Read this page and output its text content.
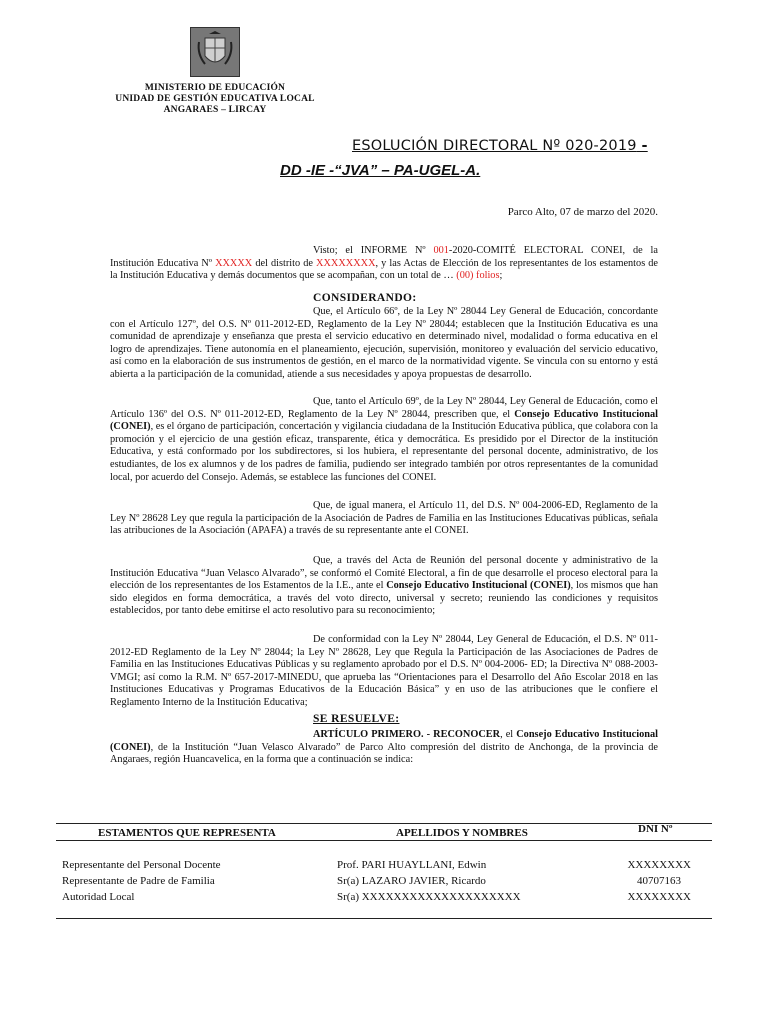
MINISTERIO DE EDUCACIÓN
UNIDAD DE GESTIÓN EDUCATIVA LOCAL
ANGARAES – LIRCAY
ESOLUCIÓN DIRECTORAL Nº 020-2019 -
DD -IE -“JVA” – PA-UGEL-A.
Parco Alto, 07 de marzo del 2020.
Visto; el INFORME Nº 001-2020-COMITÉ ELECTORAL CONEI, de la Institución Educativa Nº XXXXX del distrito de XXXXXXXX, y las Actas de Elección de los representantes de los estamentos de la Institución Educativa y demás documentos que se acompañan, con un total de … (00) folios;
CONSIDERANDO:
Que, el Artículo 66º, de la Ley Nº 28044 Ley General de Educación, concordante con el Artículo 127º, del O.S. Nº 011-2012-ED, Reglamento de la Ley Nº 28044; establecen que la Institución Educativa es una comunidad de aprendizaje y enseñanza que presta el servicio educativo en determinado nivel, modalidad o forma educativa en el logro de aprendizajes. Tiene autonomía en el planeamiento, ejecución, supervisión, monitoreo y evaluación del servicio educativo, así como en la elaboración de sus instrumentos de gestión, en el marco de la normatividad vigente. Se vincula con su entorno y está abierta a la participación de la comunidad, atiende a sus necesidades y apoya propuestas de desarrollo.
Que, tanto el Artículo 69º, de la Ley Nº 28044, Ley General de Educación, como el Artículo 136º del O.S. Nº 011-2012-ED, Reglamento de la Ley Nº 28044, prescriben que, el Consejo Educativo Institucional (CONEI), es el órgano de participación, concertación y vigilancia ciudadana de la Institución Educativa pública, que colabora con la promoción y el ejercicio de una gestión eficaz, transparente, ética y democrática. Es presidido por el Director de la institución Educativa, y está conformado por los subdirectores, si los hubiera, el representante del personal docente, administrativo, de los estudiantes, de los ex alumnos y de los padres de familia, pudiendo ser integrado también por otros representantes de la comunidad local, por acuerdo del Consejo. Además, se establece las funciones del CONEI.
Que, de igual manera, el Artículo 11, del D.S. Nº 004-2006-ED, Reglamento de la Ley Nº 28628 Ley que regula la participación de la Asociación de Padres de Familia en las Instituciones Educativas públicas, señala las atribuciones de la Asociación (APAFA) a través de su representante ante el CONEI.
Que, a través del Acta de Reunión del personal docente y administrativo de la Institución Educativa “Juan Velasco Alvarado”, se conformó el Comité Electoral, a fin de que desarrolle el proceso electoral para la elección de los representantes de los Estamentos de la I.E., ante el Consejo Educativo Institucional (CONEI), los mismos que han sido elegidos en forma democrática, a través del voto directo, universal y secreto; reuniendo las condiciones y requisitos establecidos, por tanto debe emitirse el acto resolutivo para su reconocimiento;
De conformidad con la Ley Nº 28044, Ley General de Educación, el D.S. Nº 011-2012-ED Reglamento de la Ley Nº 28044; la Ley Nº 28628, Ley que Regula la Participación de las Asociaciones de Padres de Familia en las Instituciones Educativas Públicas y su reglamento aprobado por el D.S. Nº 004-2006- ED; la Directiva Nº 088-2003-VMGI; así como la R.M. Nº 657-2017-MINEDU, que aprueba las “Orientaciones para el Desarrollo del Año Escolar 2018 en las Instituciones Educativas y Programas Educativos de la Educación Básica” y en uso de las atribuciones que le confiere el Reglamento Interno de la Institución Educativa;
SE RESUELVE:
ARTÍCULO PRIMERO. - RECONOCER, el Consejo Educativo Institucional (CONEI), de la Institución “Juan Velasco Alvarado” de Parco Alto compresión del distrito de Anchonga, de la provincia de Angaraes, región Huancavelica, en la forma que a continuación se indica:
ESTAMENTOS QUE REPRESENTA	APELLIDOS Y NOMBRES	DNI Nº
Representante del Personal Docente	Prof. PARI HUAYLLANI, Edwin	XXXXXXXX
Representante de Padre de Familia	Sr(a) LAZARO JAVIER, Ricardo	40707163
Autoridad Local	Sr(a) XXXXXXXXXXXXXXXXXXXX	XXXXXXXX
